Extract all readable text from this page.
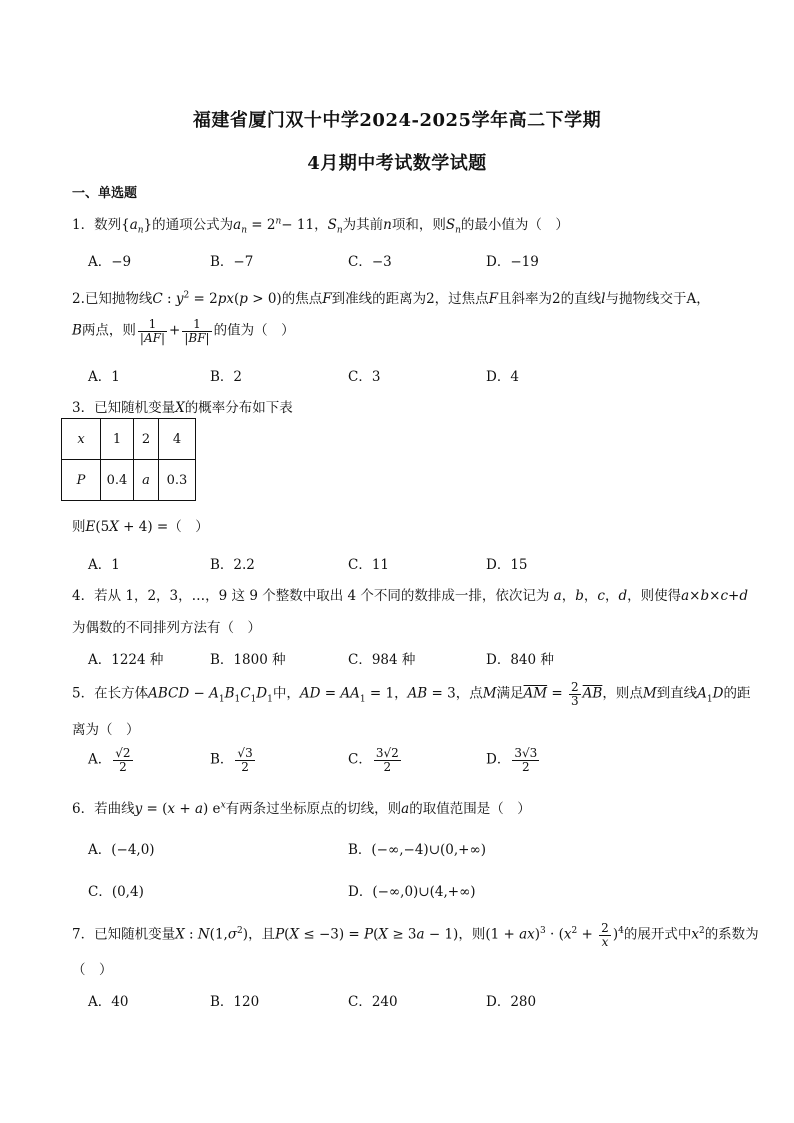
福建省厦门双十中学2024-2025学年高二下学期
4月期中考试数学试题
一、单选题
1．数列$\{a_n\}$的通项公式为$a_n = 2^n- 11$，$S_n$为其前n项和，则$S_n$的最小值为（　）
A．−9	B．−7	C．−3	D．−19
2.已知抛物线C : $y^2 = 2px(p > 0)$的焦点F到准线的距离为2，过焦点F且斜率为2的直线l与抛物线交于A，
B两点，则 $\frac{1}{|AF|} + \frac{1}{|BF|}$ 的值为（　）
A．1	B．2	C．3	D．4
3．已知随机变量X的概率分布如下表
x	1	2	4
P	0.4	a	0.3
则E(5X + 4) =（　）
A．1	B．2.2	C．11	D．15
4．若从 1，2，3，…，9 这 9 个整数中取出 4 个不同的数排成一排，依次记为 a，b，c，d，则使得a×b×c+d
为偶数的不同排列方法有（　）
A．1224 种	B．1800 种	C．984 种	D．840 种
5．在长方体ABCD − $A_1B_1C_1D_1$中，AD = $AA_1 = 1$，AB = 3，点M满足$\overline{AM} = \frac{2}{3} \overline{AB}$，则点M到直线$A_1D$的距
离为（　）
A． $\frac{√2}{2}$	B． $\frac{√3}{2}$	C． $\frac{3√2}{2}$	D． $\frac{3√3}{2}$
6．若曲线y = (x + a) $e^x$有两条过坐标原点的切线，则a的取值范围是（　）
A．(−4,0)	B．(−∞,−4)∪(0,+∞)
C．(0,4)	D．(−∞,0)∪(4,+∞)
7．已知随机变量X : $N(1,\sigma^2)$，且P(X ≤ −3) = P(X ≥ 3a − 1)，则$(1 + ax)^3 \cdot (x^2 + \frac{2}{x} )^4$的展开式中$x^2$的系数为
（　）
A．40	B．120	C．240	D．280
